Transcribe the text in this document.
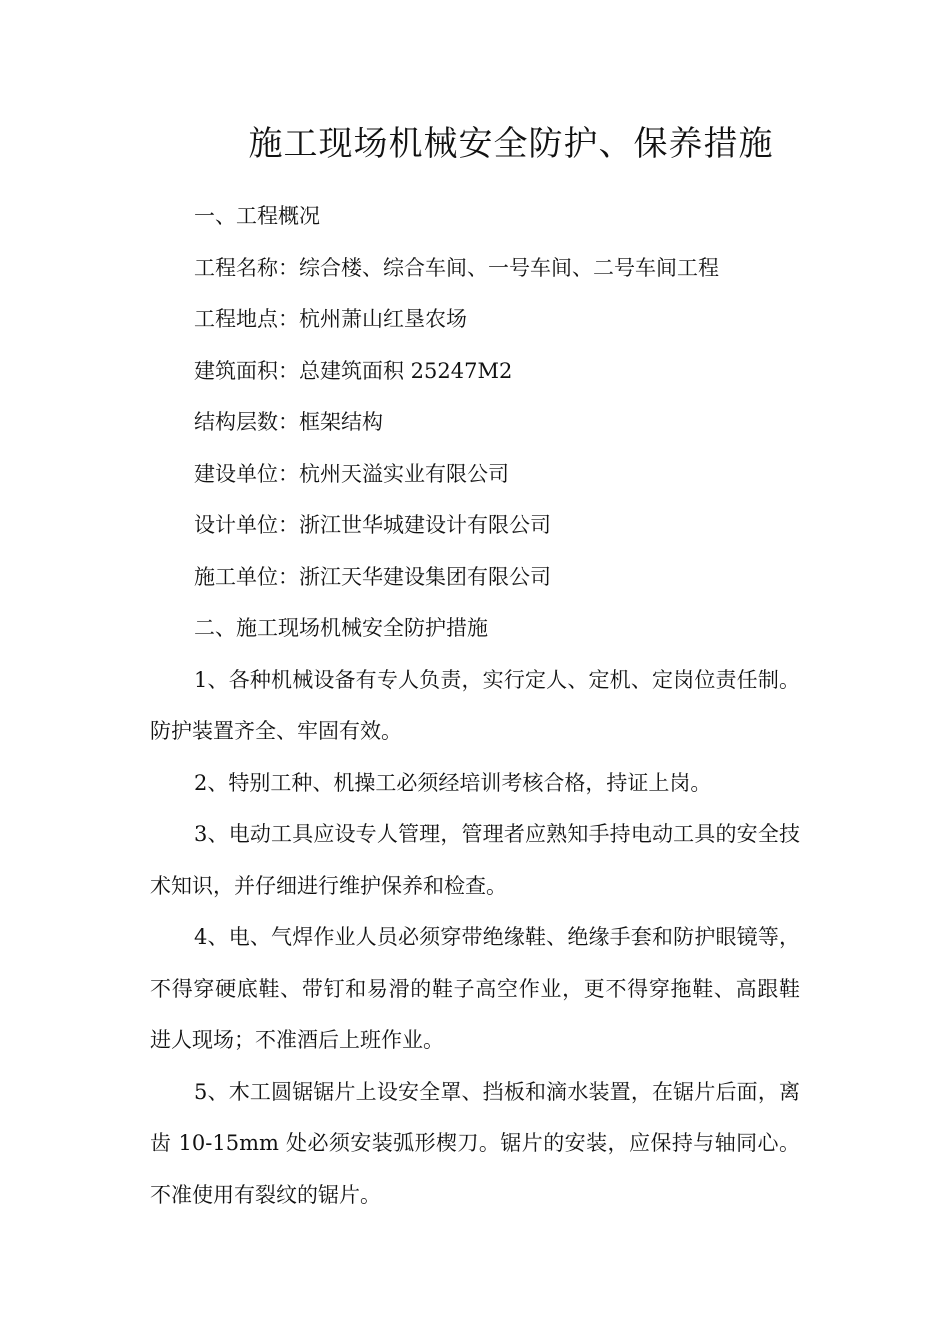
施工现场机械安全防护、保养措施
一、工程概况
工程名称：综合楼、综合车间、一号车间、二号车间工程
工程地点：杭州萧山红垦农场
建筑面积：总建筑面积 25247M2
结构层数：框架结构
建设单位：杭州天溢实业有限公司
设计单位：浙江世华城建设计有限公司
施工单位：浙江天华建设集团有限公司
二、施工现场机械安全防护措施

1、各种机械设备有专人负责，实行定人、定机、定岗位责任制。防护装置齐全、牢固有效。

2、特别工种、机操工必须经培训考核合格，持证上岗。

3、电动工具应设专人管理，管理者应熟知手持电动工具的安全技术知识，并仔细进行维护保养和检查。

4、电、气焊作业人员必须穿带绝缘鞋、绝缘手套和防护眼镜等，不得穿硬底鞋、带钉和易滑的鞋子高空作业，更不得穿拖鞋、高跟鞋进人现场；不准酒后上班作业。

5、木工圆锯锯片上设安全罩、挡板和滴水装置，在锯片后面，离齿 10-15mm 处必须安装弧形楔刀。锯片的安装，应保持与轴同心。不准使用有裂纹的锯片。
